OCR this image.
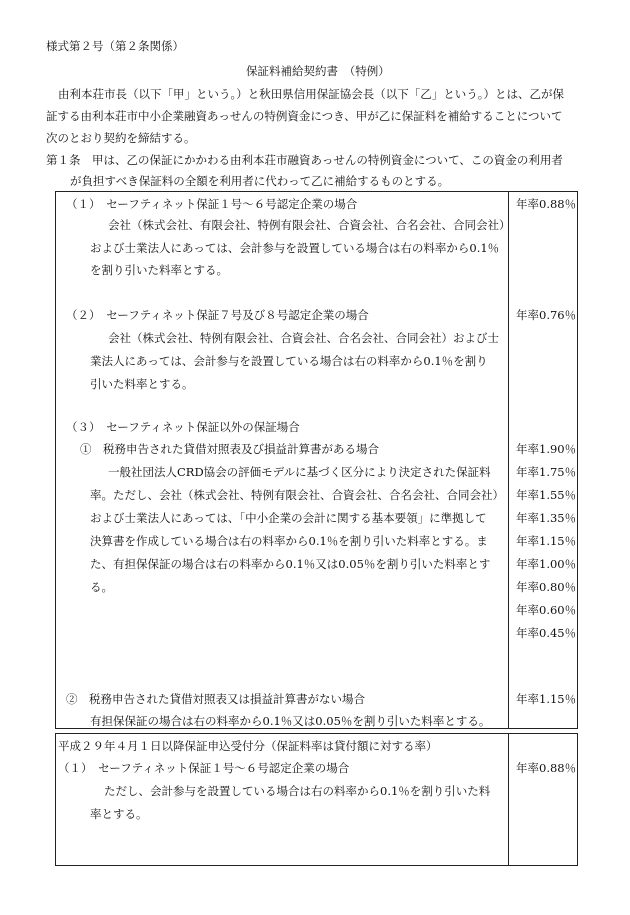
様式第２号（第２条関係）
保証料補給契約書　（特例）
由利本荘市長（以下「甲」という。）と秋田県信用保証協会長（以下「乙」という。）とは、乙が保
証する由利本荘市中小企業融資あっせんの特例資金につき、甲が乙に保証料を補給することについて
次のとおり契約を締結する。
第１条　甲は、乙の保証にかかわる由利本荘市融資あっせんの特例資金について、この資金の利用者
が負担すべき保証料の全額を利用者に代わって乙に補給するものとする。
（１）　セーフティネット保証１号～６号認定企業の場合	年率0.88％
会社（株式会社、有限会社、特例有限会社、合資会社、合名会社、合同会社）
および士業法人にあっては、会計参与を設置している場合は右の料率から0.1％
を割り引いた料率とする。
（２）　セーフティネット保証７号及び８号認定企業の場合	年率0.76％
会社（株式会社、特例有限会社、合資会社、合名会社、合同会社）および士
業法人にあっては、会計参与を設置している場合は右の料率から0.1％を割り
引いた料率とする。
（３）　セーフティネット保証以外の保証場合
①　税務申告された貸借対照表及び損益計算書がある場合
一般社団法人CRD協会の評価モデルに基づく区分により決定された保証料
率。ただし、会社（株式会社、特例有限会社、合資会社、合名会社、合同会社）
および士業法人にあっては、「中小企業の会計に関する基本要領」に準拠して
決算書を作成している場合は右の料率から0.1％を割り引いた料率とする。ま
た、有担保保証の場合は右の料率から0.1％又は0.05％を割り引いた料率とす
る。
年率1.90％
年率1.75％
年率1.55％
年率1.35％
年率1.15％
年率1.00％
年率0.80％
年率0.60％
年率0.45％
②　税務申告された貸借対照表又は損益計算書がない場合	年率1.15％
有担保保証の場合は右の料率から0.1％又は0.05％を割り引いた料率とする。
平成２９年４月１日以降保証申込受付分（保証料率は貸付額に対する率）
（１）　セーフティネット保証１号～６号認定企業の場合	年率0.88％
ただし、会計参与を設置している場合は右の料率から0.1％を割り引いた料
率とする。
